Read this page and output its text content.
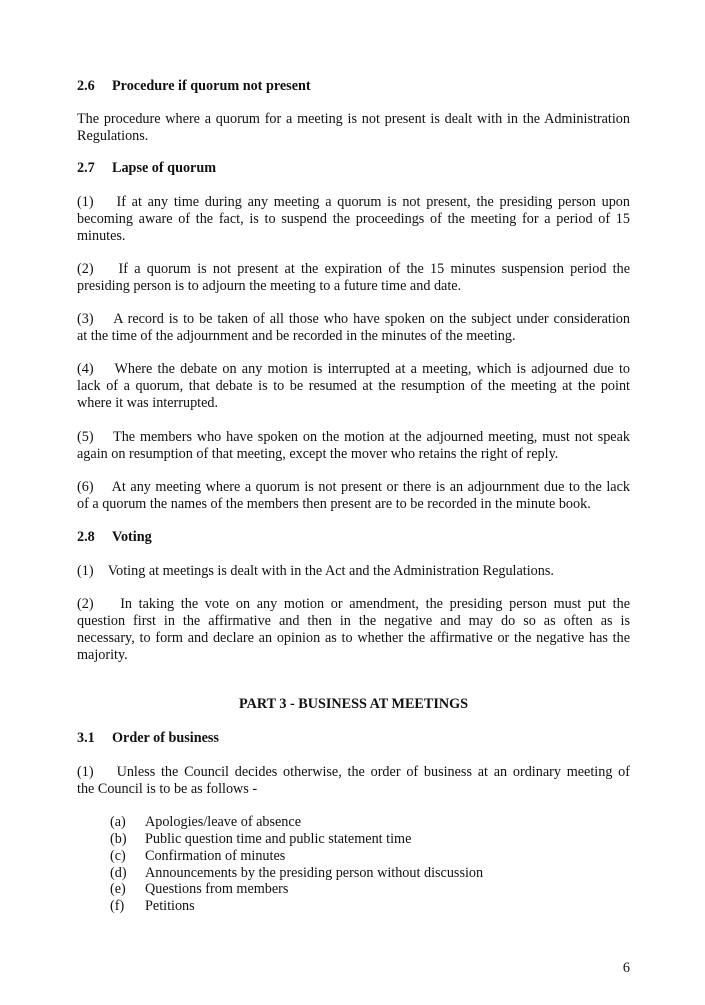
2.6 Procedure if quorum not present
The procedure where a quorum for a meeting is not present is dealt with in the Administration
Regulations.
2.7 Lapse of quorum
(1)    If at any time during any meeting a quorum is not present, the presiding person upon
becoming aware of the fact, is to suspend the proceedings of the meeting for a period of 15
minutes.
(2)    If a quorum is not present at the expiration of the 15 minutes suspension period the
presiding person is to adjourn the meeting to a future time and date.
(3)    A record is to be taken of all those who have spoken on the subject under consideration
at the time of the adjournment and be recorded in the minutes of the meeting.
(4)    Where the debate on any motion is interrupted at a meeting, which is adjourned due to
lack of a quorum, that debate is to be resumed at the resumption of the meeting at the point
where it was interrupted.
(5)    The members who have spoken on the motion at the adjourned meeting, must not speak
again on resumption of that meeting, except the mover who retains the right of reply.
(6)    At any meeting where a quorum is not present or there is an adjournment due to the lack
of a quorum the names of the members then present are to be recorded in the minute book.
2.8 Voting
(1)    Voting at meetings is dealt with in the Act and the Administration Regulations.
(2)    In taking the vote on any motion or amendment, the presiding person must put the
question first in the affirmative and then in the negative and may do so as often as is
necessary, to form and declare an opinion as to whether the affirmative or the negative has the
majority.
PART 3 - BUSINESS AT MEETINGS
3.1 Order of business
(1)    Unless the Council decides otherwise, the order of business at an ordinary meeting of
the Council is to be as follows -
(a) Apologies/leave of absence
(b) Public question time and public statement time
(c) Confirmation of minutes
(d) Announcements by the presiding person without discussion
(e) Questions from members
(f) Petitions
6
